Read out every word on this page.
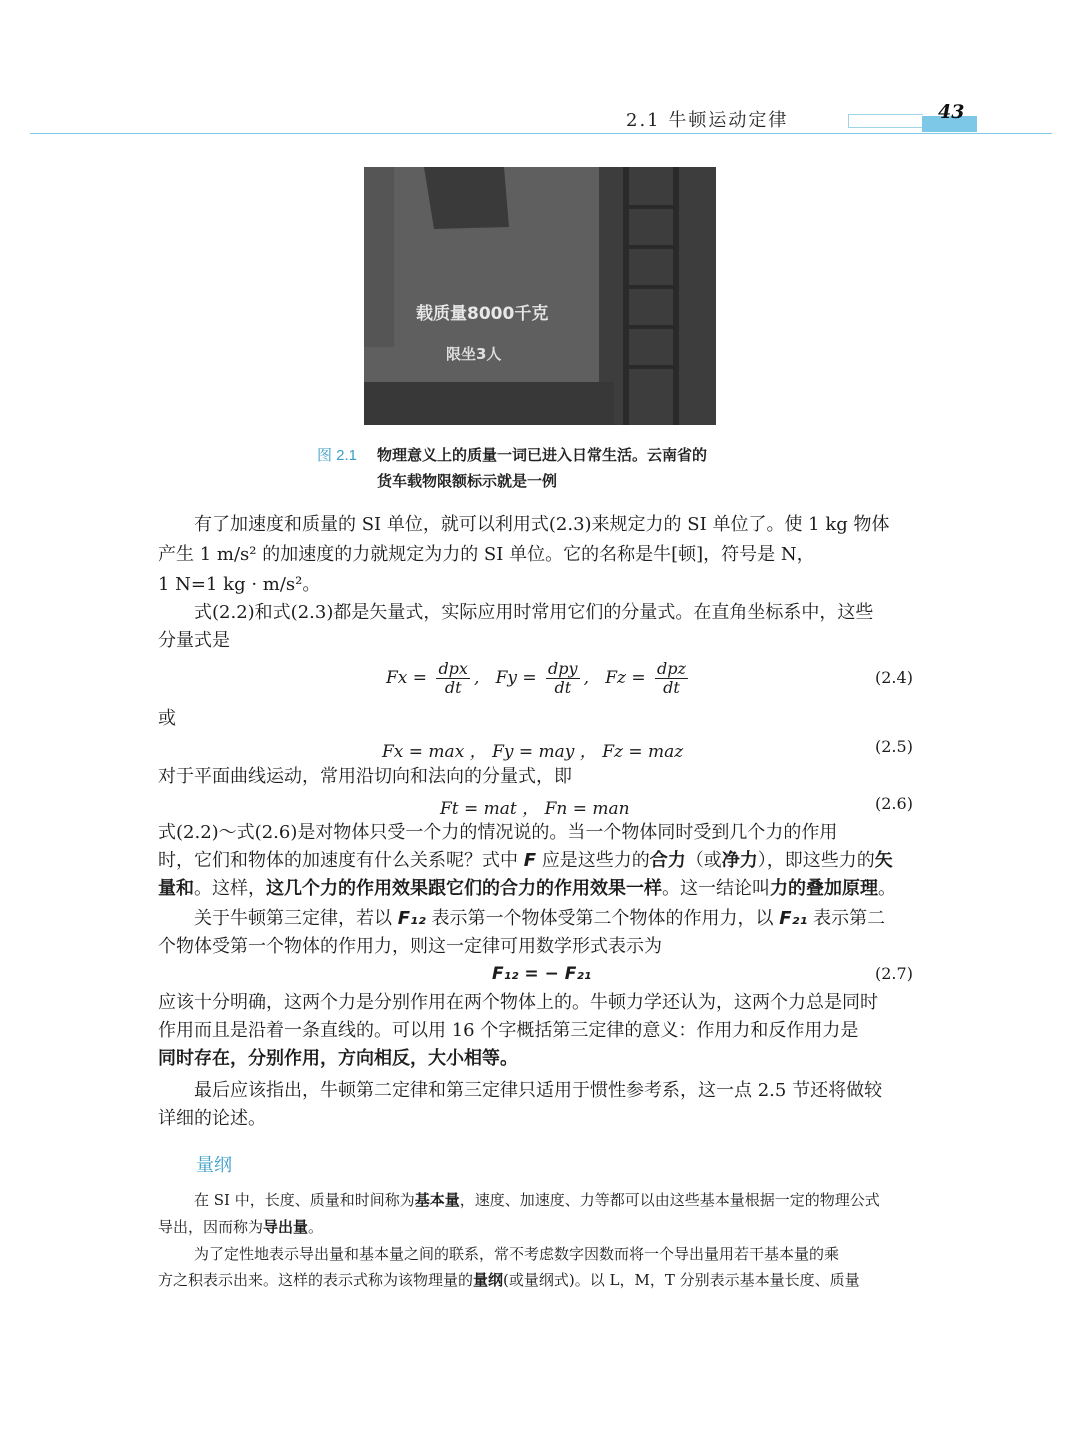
2.1 牛顿运动定律	43
载质量8000千克
限坐3人
图 2.1 物理意义上的质量一词已进入日常生活。云南省的
货车载物限额标示就是一例
有了加速度和质量的 SI 单位，就可以利用式(2.3)来规定力的 SI 单位了。使 1 kg 物体
产生 1 m/s² 的加速度的力就规定为力的 SI 单位。它的名称是牛[顿]，符号是 N，
1 N=1 kg · m/s²。
式(2.2)和式(2.3)都是矢量式，实际应用时常用它们的分量式。在直角坐标系中，这些
分量式是
$Fx = \frac{\text{dpx}}{dt}$ , $Fy = \frac{\text{dpy}}{dt}$ , $Fz = \frac{\text{dpz}}{dt}$	(2.4)
或
Fx = max ， Fy = may ， Fz = maz	(2.5)
对于平面曲线运动，常用沿切向和法向的分量式，即
Ft = mat ， Fn = man	(2.6)
式(2.2)～式(2.6)是对物体只受一个力的情况说的。当一个物体同时受到几个力的作用
时，它们和物体的加速度有什么关系呢？式中 F 应是这些力的合力（或净力），即这些力的矢
量和。这样，这几个力的作用效果跟它们的合力的作用效果一样。这一结论叫力的叠加原理。
关于牛顿第三定律，若以 F₁₂ 表示第一个物体受第二个物体的作用力，以 F₂₁ 表示第二
个物体受第一个物体的作用力，则这一定律可用数学形式表示为
F₁₂ = − F₂₁	(2.7)
应该十分明确，这两个力是分别作用在两个物体上的。牛顿力学还认为，这两个力总是同时
作用而且是沿着一条直线的。可以用 16 个字概括第三定律的意义：作用力和反作用力是
同时存在，分别作用，方向相反，大小相等。
最后应该指出，牛顿第二定律和第三定律只适用于惯性参考系，这一点 2.5 节还将做较
详细的论述。
量纲
在 SI 中，长度、质量和时间称为基本量，速度、加速度、力等都可以由这些基本量根据一定的物理公式
导出，因而称为导出量。
为了定性地表示导出量和基本量之间的联系，常不考虑数字因数而将一个导出量用若干基本量的乘
方之积表示出来。这样的表示式称为该物理量的量纲(或量纲式)。以 L，M，T 分别表示基本量长度、质量
